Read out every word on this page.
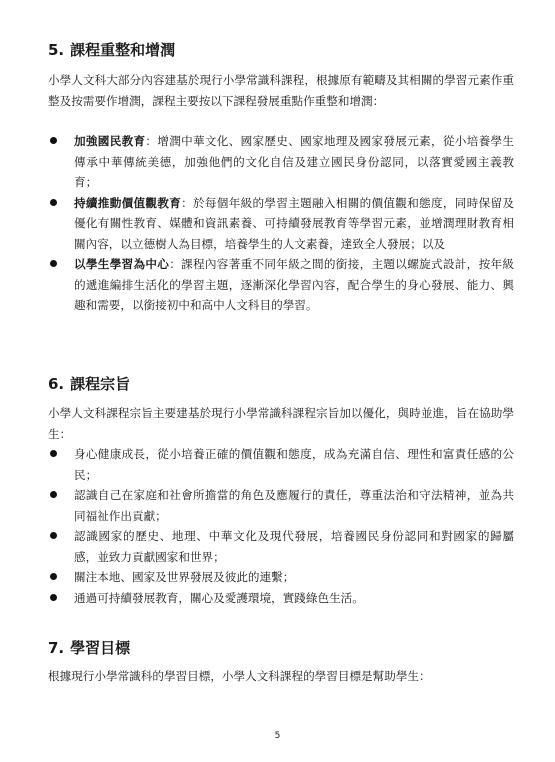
5. 課程重整和增潤
小學人文科大部分內容建基於現行小學常識科課程，根據原有範疇及其相關的學習元素作重整及按需要作增潤，課程主要按以下課程發展重點作重整和增潤：
加強國民教育：增潤中華文化、國家歷史、國家地理及國家發展元素，從小培養學生傳承中華傳統美德，加強他們的文化自信及建立國民身份認同，以落實愛國主義教育；
持續推動價值觀教育：於每個年級的學習主題融入相關的價值觀和態度，同時保留及優化有關性教育、媒體和資訊素養、可持續發展教育等學習元素，並增潤理財教育相關內容，以立德樹人為目標，培養學生的人文素養，達致全人發展；以及
以學生學習為中心：課程內容著重不同年級之間的銜接，主題以螺旋式設計，按年級的遞進編排生活化的學習主題，逐漸深化學習內容，配合學生的身心發展、能力、興趣和需要，以銜接初中和高中人文科目的學習。
6. 課程宗旨
小學人文科課程宗旨主要建基於現行小學常識科課程宗旨加以優化，與時並進，旨在協助學生：
身心健康成長，從小培養正確的價值觀和態度，成為充滿自信、理性和富責任感的公民；
認識自己在家庭和社會所擔當的角色及應履行的責任，尊重法治和守法精神，並為共同福祉作出貢獻；
認識國家的歷史、地理、中華文化及現代發展，培養國民身份認同和對國家的歸屬感，並致力貢獻國家和世界；
關注本地、國家及世界發展及彼此的連繫；
通過可持續發展教育，關心及愛護環境，實踐綠色生活。
7. 學習目標
根據現行小學常識科的學習目標，小學人文科課程的學習目標是幫助學生：
5
